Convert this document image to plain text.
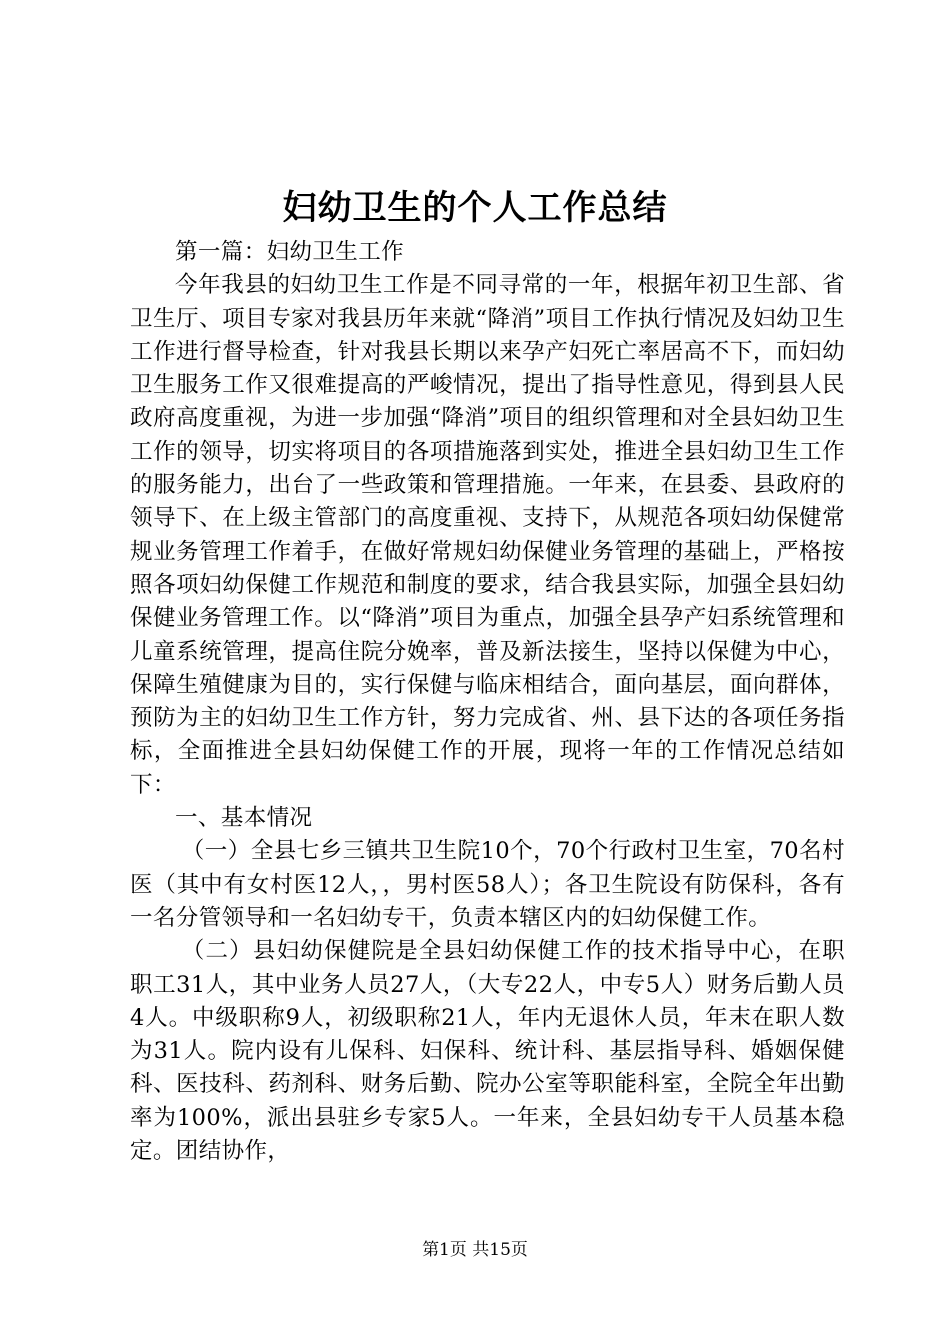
妇幼卫生的个人工作总结

第一篇：妇幼卫生工作

今年我县的妇幼卫生工作是不同寻常的一年，根据年初卫生部、省卫生厅、项目专家对我县历年来就“降消”项目工作执行情况及妇幼卫生工作进行督导检查，针对我县长期以来孕产妇死亡率居高不下，而妇幼卫生服务工作又很难提高的严峻情况，提出了指导性意见，得到县人民政府高度重视，为进一步加强“降消”项目的组织管理和对全县妇幼卫生工作的领导，切实将项目的各项措施落到实处，推进全县妇幼卫生工作的服务能力，出台了一些政策和管理措施。一年来，在县委、县政府的领导下、在上级主管部门的高度重视、支持下，从规范各项妇幼保健常规业务管理工作着手，在做好常规妇幼保健业务管理的基础上，严格按照各项妇幼保健工作规范和制度的要求，结合我县实际，加强全县妇幼保健业务管理工作。以“降消”项目为重点，加强全县孕产妇系统管理和儿童系统管理，提高住院分娩率，普及新法接生，坚持以保健为中心，保障生殖健康为目的，实行保健与临床相结合，面向基层，面向群体，预防为主的妇幼卫生工作方针，努力完成省、州、县下达的各项任务指标，全面推进全县妇幼保健工作的开展，现将一年的工作情况总结如下：

一、基本情况

（一）全县七乡三镇共卫生院10个，70个行政村卫生室，70名村医（其中有女村医12人，，男村医58人）；各卫生院设有防保科，各有一名分管领导和一名妇幼专干，负责本辖区内的妇幼保健工作。

（二）县妇幼保健院是全县妇幼保健工作的技术指导中心，在职职工31人，其中业务人员27人，（大专22人，中专5人）财务后勤人员4人。中级职称9人，初级职称21人，年内无退休人员，年末在职人数为31人。院内设有儿保科、妇保科、统计科、基层指导科、婚姻保健科、医技科、药剂科、财务后勤、院办公室等职能科室，全院全年出勤率为100%，派出县驻乡专家5人。一年来，全县妇幼专干人员基本稳定。团结协作，

第1页 共15页
